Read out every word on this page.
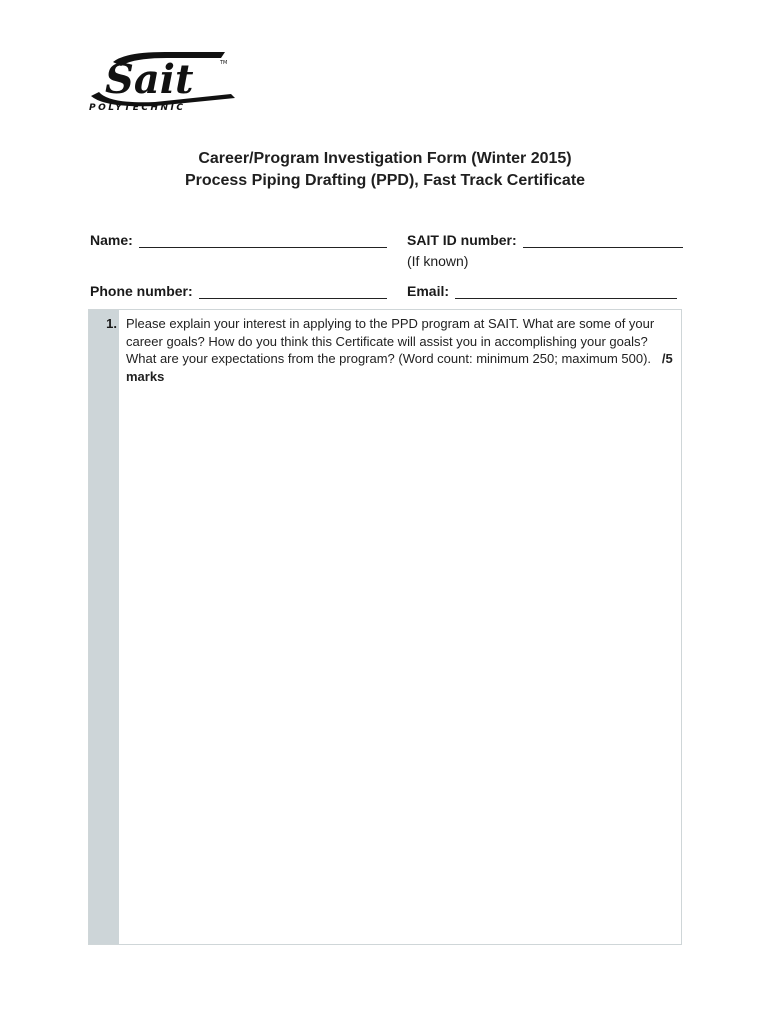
Sait	TM
POLYTECHNIC
Career/Program Investigation Form (Winter 2015)
Process Piping Drafting (PPD), Fast Track Certificate
Name:	SAIT ID number:
(If known)
Phone number:	Email:
1. Please explain your interest in applying to the PPD program at SAIT. What are some of your career goals? How do you think this Certificate will assist you in accomplishing your goals? What are your expectations from the program? (Word count: minimum 250; maximum 500).   /5 marks
